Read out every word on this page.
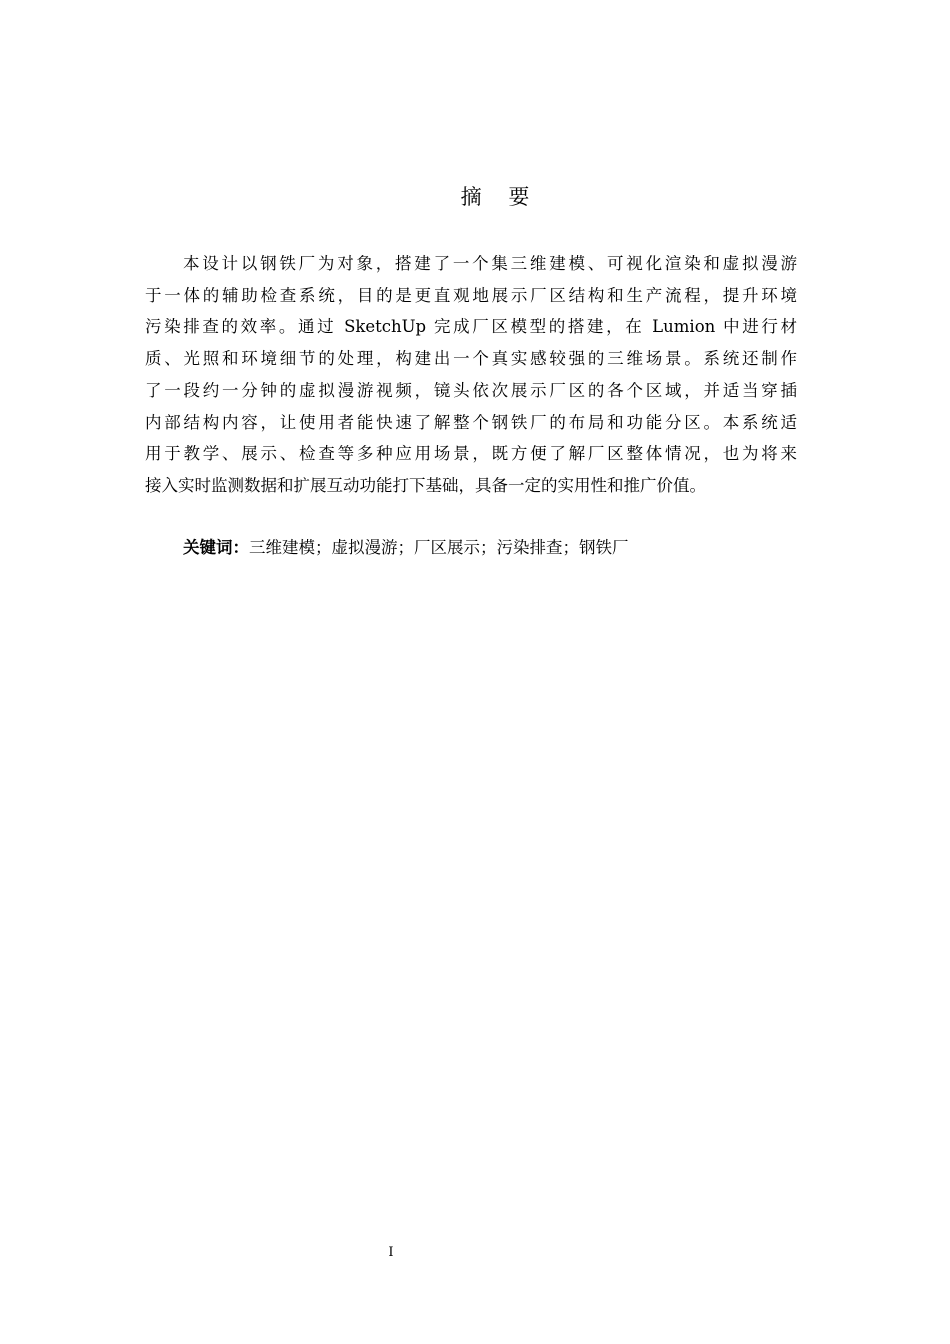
摘    要

本设计以钢铁厂为对象，搭建了一个集三维建模、可视化渲染和虚拟漫游
于一体的辅助检查系统，目的是更直观地展示厂区结构和生产流程，提升环境
污染排查的效率。通过 SketchUp 完成厂区模型的搭建，在 Lumion 中进行材
质、光照和环境细节的处理，构建出一个真实感较强的三维场景。系统还制作
了一段约一分钟的虚拟漫游视频，镜头依次展示厂区的各个区域，并适当穿插
内部结构内容，让使用者能快速了解整个钢铁厂的布局和功能分区。本系统适
用于教学、展示、检查等多种应用场景，既方便了解厂区整体情况，也为将来
接入实时监测数据和扩展互动功能打下基础，具备一定的实用性和推广价值。

关键词：三维建模；虚拟漫游；厂区展示；污染排查；钢铁厂
I
